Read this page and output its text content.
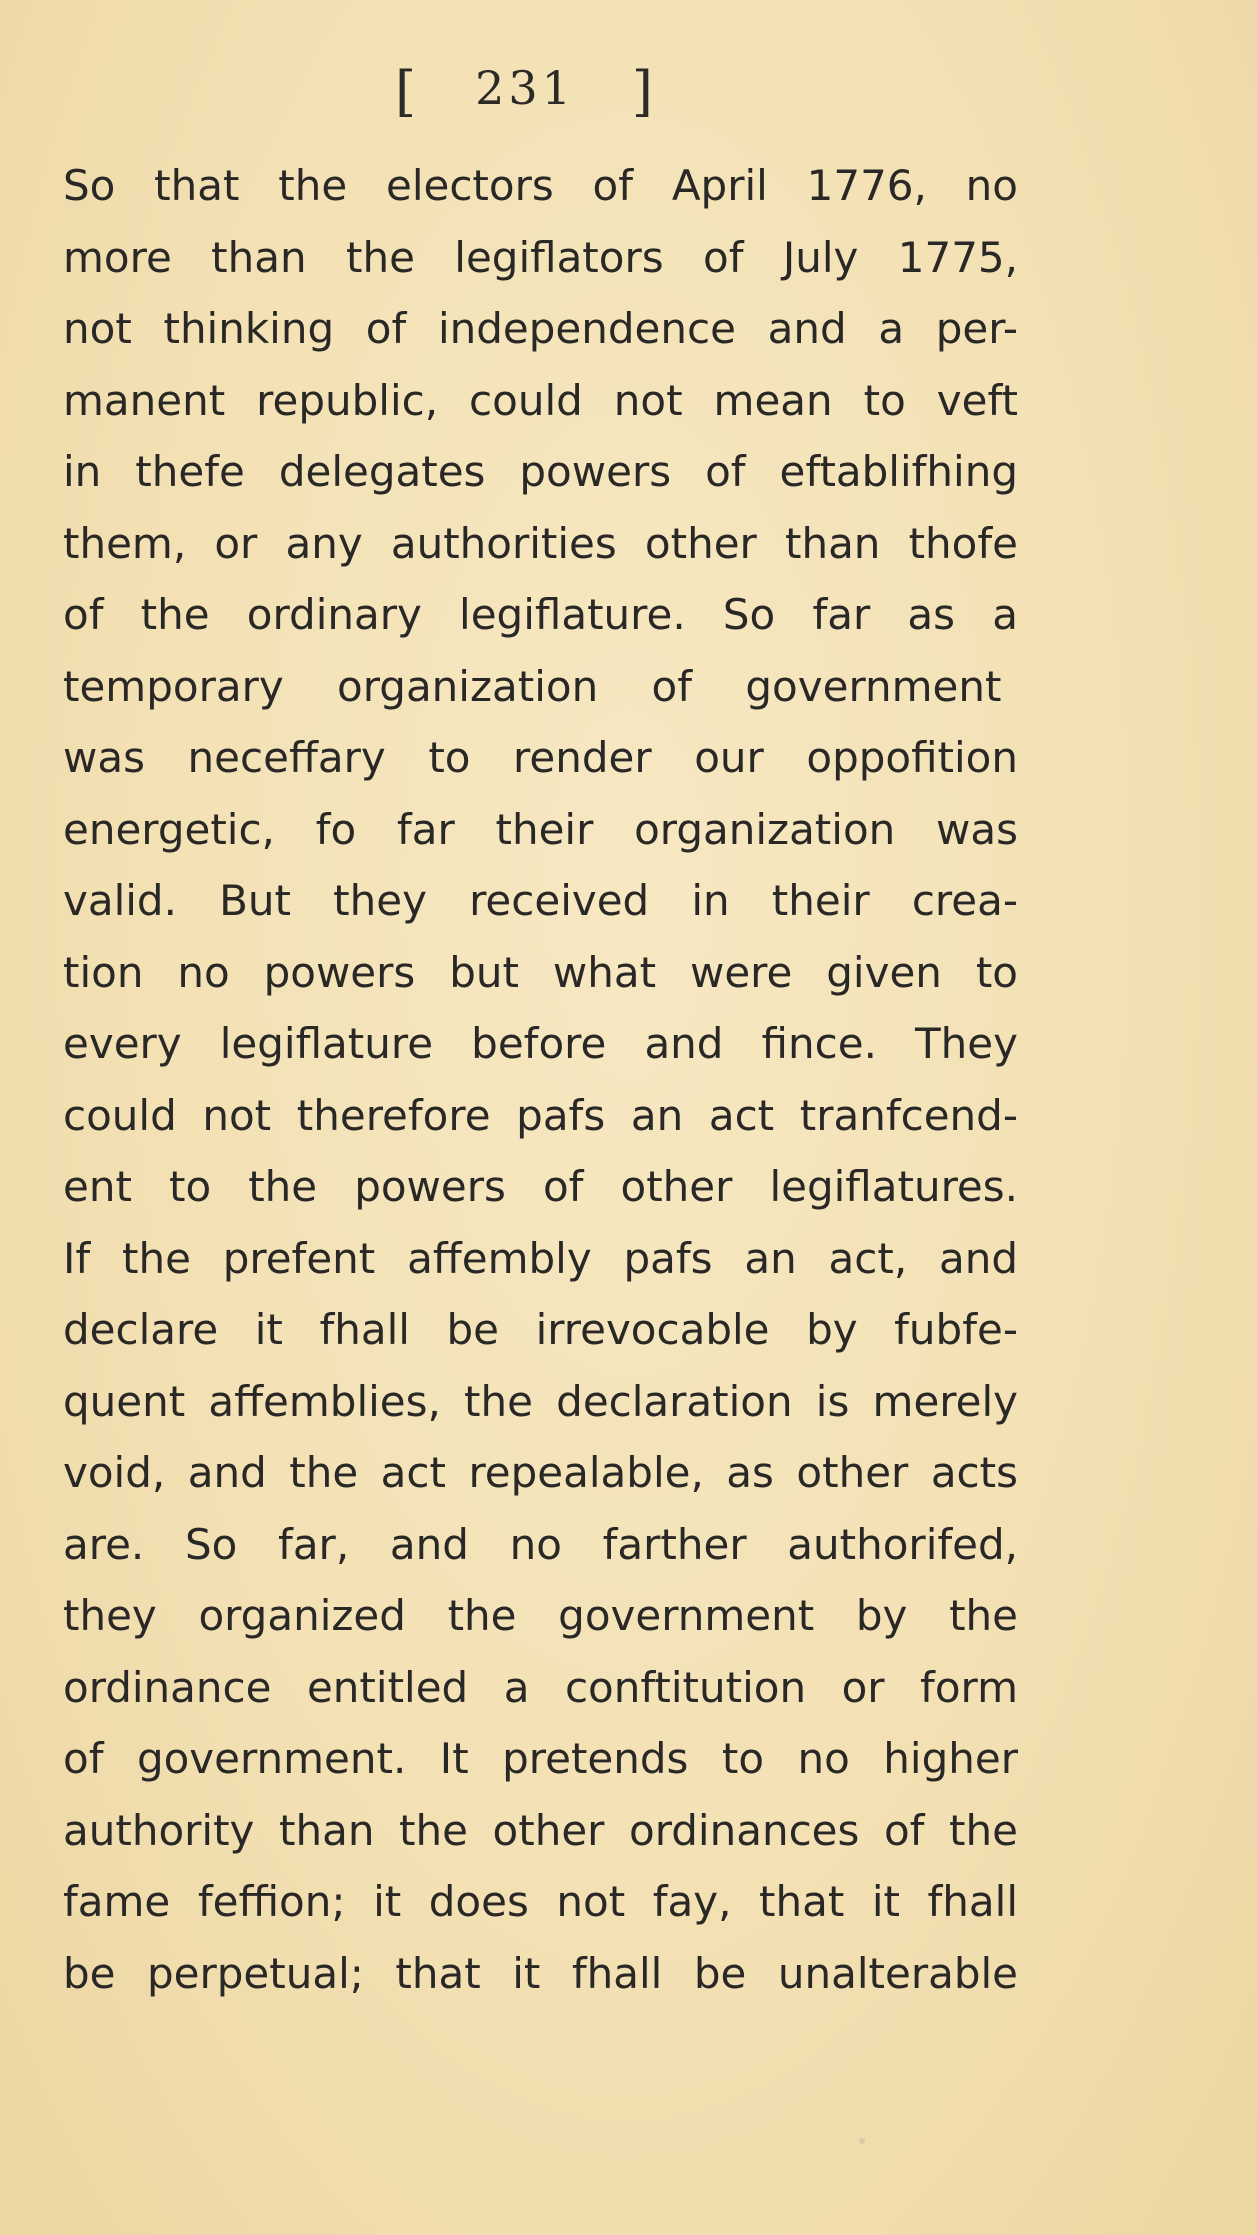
[ 231 ]
So that the electors of April 1776, no
more than the legiflators of July 1775,
not thinking of independence and a per-
manent republic, could not mean to veft
in thefe delegates powers of eftablifhing
them, or any authorities other than thofe
of the ordinary legiflature. So far as a
temporary organization of government
was neceffary to render our oppofition
energetic, fo far their organization was
valid. But they received in their crea-
tion no powers but what were given to
every legiflature before and fince. They
could not therefore pafs an act tranfcend-
ent to the powers of other legiflatures.
If the prefent affembly pafs an act, and
declare it fhall be irrevocable by fubfe-
quent affemblies, the declaration is merely
void, and the act repealable, as other acts
are. So far, and no farther authorifed,
they organized the government by the
ordinance entitled a conftitution or form
of government. It pretends to no higher
authority than the other ordinances of the
fame feffion; it does not fay, that it fhall
be perpetual; that it fhall be unalterable
